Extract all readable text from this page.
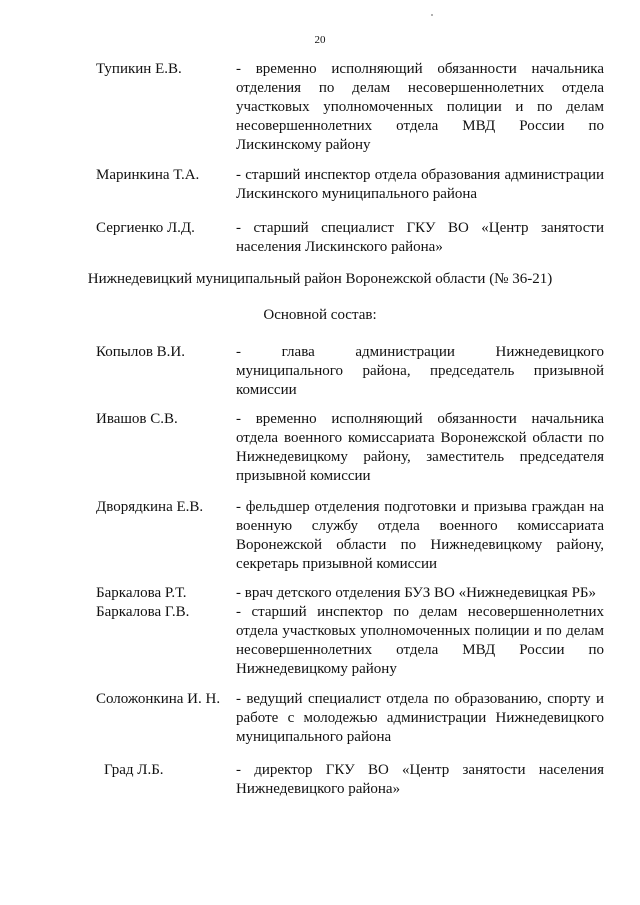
20
Тупикин Е.В.	- временно исполняющий обязанности начальника отделения по делам несовершеннолетних отдела участковых уполномоченных полиции и по делам несовершеннолетних отдела МВД России по Лискинскому району
Маринкина Т.А. - старший инспектор отдела образования администрации Лискинского муниципального района
Сергиенко Л.Д.	- старший специалист ГКУ ВО «Центр занятости населения Лискинского района»
Нижнедевицкий муниципальный район Воронежской области (№ 36-21)
Основной состав:
Копылов В.И.	- глава администрации Нижнедевицкого муниципального района, председатель призывной комиссии
Ивашов С.В.	- временно исполняющий обязанности начальника отдела военного комиссариата Воронежской области по Нижнедевицкому району, заместитель председателя призывной комиссии
Дворядкина Е.В. - фельдшер отделения подготовки и призыва граждан на военную службу отдела военного комиссариата Воронежской области по Нижнедевицкому району, секретарь призывной комиссии
Баркалова Р.Т.	- врач детского отделения БУЗ ВО «Нижнедевицкая РБ»
Баркалова Г.В.	- старший инспектор по делам несовершеннолетних отдела участковых уполномоченных полиции и по делам несовершеннолетних отдела МВД России по Нижнедевицкому району
Соложонкина И. Н. - ведущий специалист отдела по образованию, спорту и работе с молодежью администрации Нижнедевицкого муниципального района
Град Л.Б.	- директор ГКУ ВО «Центр занятости населения Нижнедевицкого района»
